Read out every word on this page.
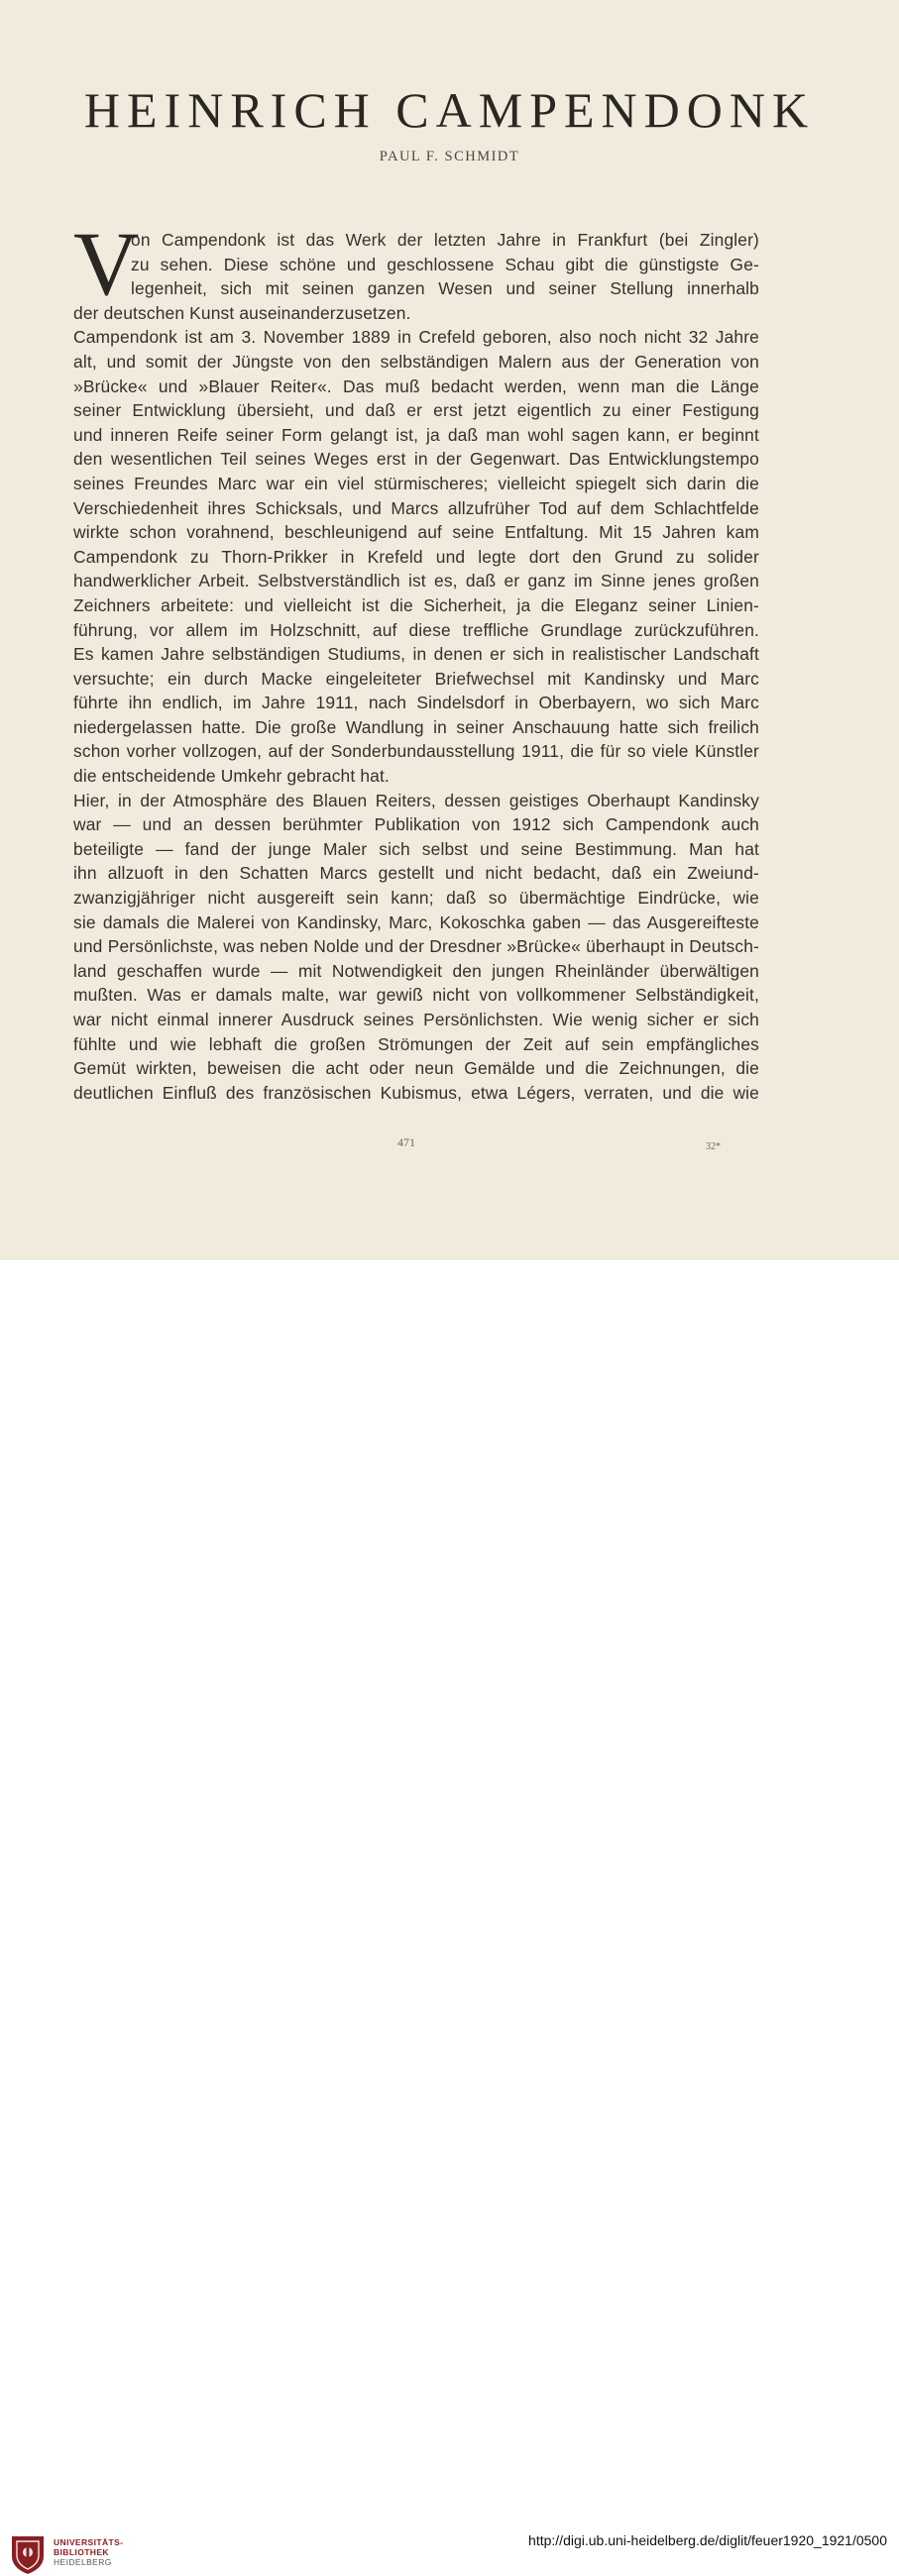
HEINRICH CAMPENDONK
PAUL F. SCHMIDT
V
on Campendonk ist das Werk der letzten Jahre in Frankfurt (bei Zingler)
zu sehen. Diese schöne und geschlossene Schau gibt die günstigste Ge-
legenheit, sich mit seinen ganzen Wesen und seiner Stellung innerhalb
der deutschen Kunst auseinanderzusetzen.
Campendonk ist am 3. November 1889 in Crefeld geboren, also noch nicht 32 Jahre
alt, und somit der Jüngste von den selbständigen Malern aus der Generation von
»Brücke« und »Blauer Reiter«. Das muß bedacht werden, wenn man die Länge
seiner Entwicklung übersieht, und daß er erst jetzt eigentlich zu einer Festigung
und inneren Reife seiner Form gelangt ist, ja daß man wohl sagen kann, er beginnt
den wesentlichen Teil seines Weges erst in der Gegenwart. Das Entwicklungstempo
seines Freundes Marc war ein viel stürmischeres; vielleicht spiegelt sich darin die
Verschiedenheit ihres Schicksals, und Marcs allzufrüher Tod auf dem Schlachtfelde
wirkte schon vorahnend, beschleunigend auf seine Entfaltung. Mit 15 Jahren kam
Campendonk zu Thorn-Prikker in Krefeld und legte dort den Grund zu solider
handwerklicher Arbeit. Selbstverständlich ist es, daß er ganz im Sinne jenes großen
Zeichners arbeitete: und vielleicht ist die Sicherheit, ja die Eleganz seiner Linien-
führung, vor allem im Holzschnitt, auf diese treffliche Grundlage zurückzuführen.
Es kamen Jahre selbständigen Studiums, in denen er sich in realistischer Landschaft
versuchte; ein durch Macke eingeleiteter Briefwechsel mit Kandinsky und Marc
führte ihn endlich, im Jahre 1911, nach Sindelsdorf in Oberbayern, wo sich Marc
niedergelassen hatte. Die große Wandlung in seiner Anschauung hatte sich freilich
schon vorher vollzogen, auf der Sonderbundausstellung 1911, die für so viele Künstler
die entscheidende Umkehr gebracht hat.
Hier, in der Atmosphäre des Blauen Reiters, dessen geistiges Oberhaupt Kandinsky
war — und an dessen berühmter Publikation von 1912 sich Campendonk auch
beteiligte — fand der junge Maler sich selbst und seine Bestimmung. Man hat
ihn allzuoft in den Schatten Marcs gestellt und nicht bedacht, daß ein Zweiund-
zwanzigjähriger nicht ausgereift sein kann; daß so übermächtige Eindrücke, wie
sie damals die Malerei von Kandinsky, Marc, Kokoschka gaben — das Ausgereifteste
und Persönlichste, was neben Nolde und der Dresdner »Brücke« überhaupt in Deutsch-
land geschaffen wurde — mit Notwendigkeit den jungen Rheinländer überwältigen
mußten. Was er damals malte, war gewiß nicht von vollkommener Selbständigkeit,
war nicht einmal innerer Ausdruck seines Persönlichsten. Wie wenig sicher er sich
fühlte und wie lebhaft die großen Strömungen der Zeit auf sein empfängliches
Gemüt wirkten, beweisen die acht oder neun Gemälde und die Zeichnungen, die
deutlichen Einfluß des französischen Kubismus, etwa Légers, verraten, und die wie
471	32*
UNIVERSITÄTS-
BIBLIOTHEK
HEIDELBERG
http://digi.ub.uni-heidelberg.de/diglit/feuer1920_1921/0500
